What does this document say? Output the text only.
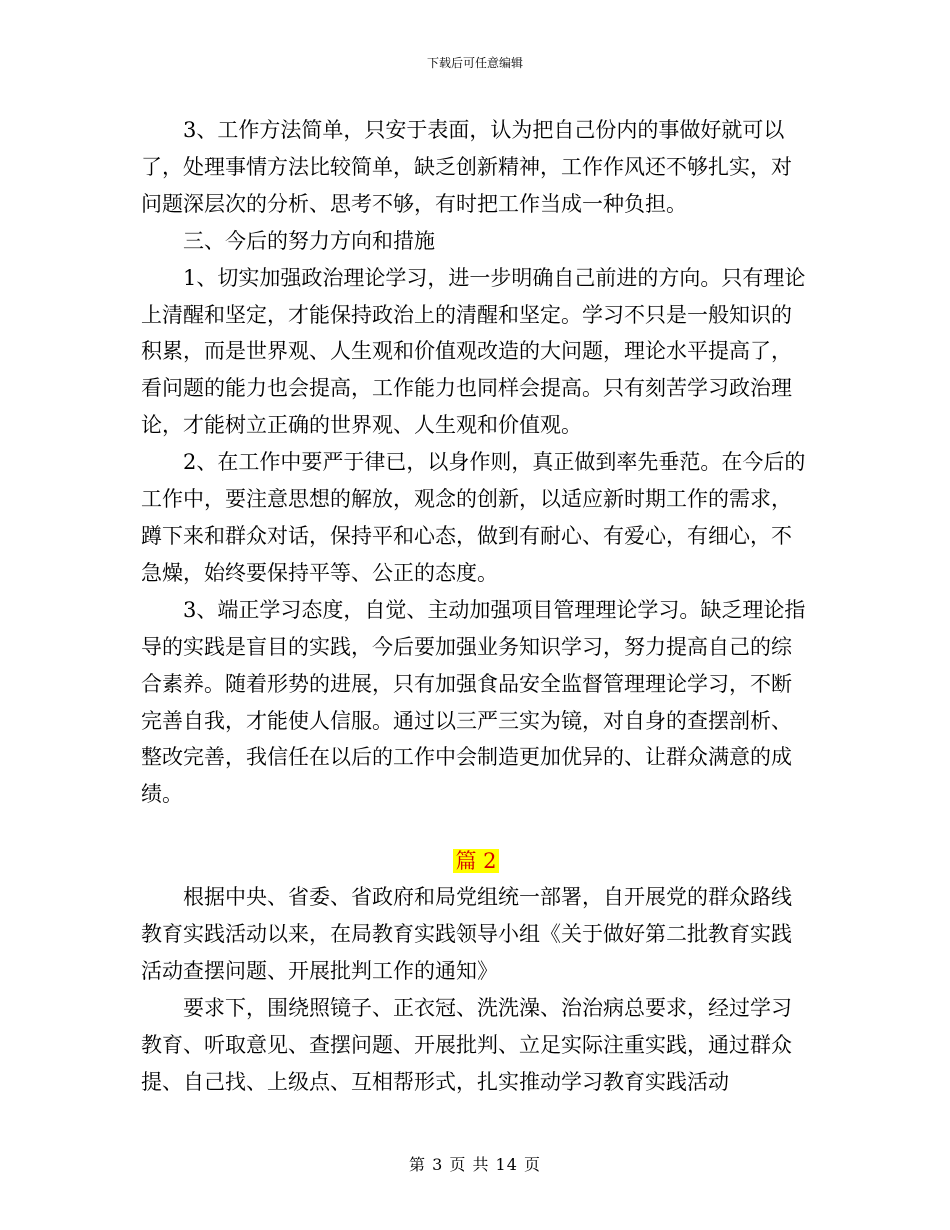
下载后可任意编辑

3、工作方法简单，只安于表面，认为把自己份内的事做好就可以了，处理事情方法比较简单，缺乏创新精神，工作作风还不够扎实，对问题深层次的分析、思考不够，有时把工作当成一种负担。

三、今后的努力方向和措施

1、切实加强政治理论学习，进一步明确自己前进的方向。只有理论上清醒和坚定，才能保持政治上的清醒和坚定。学习不只是一般知识的积累，而是世界观、人生观和价值观改造的大问题，理论水平提高了，看问题的能力也会提高，工作能力也同样会提高。只有刻苦学习政治理论，才能树立正确的世界观、人生观和价值观。

2、在工作中要严于律已，以身作则，真正做到率先垂范。在今后的工作中，要注意思想的解放，观念的创新，以适应新时期工作的需求，蹲下来和群众对话，保持平和心态，做到有耐心、有爱心，有细心，不急燥，始终要保持平等、公正的态度。

3、端正学习态度，自觉、主动加强项目管理理论学习。缺乏理论指导的实践是盲目的实践，今后要加强业务知识学习，努力提高自己的综合素养。随着形势的进展，只有加强食品安全监督管理理论学习，不断完善自我，才能使人信服。通过以三严三实为镜，对自身的查摆剖析、整改完善，我信任在以后的工作中会制造更加优异的、让群众满意的成绩。

篇 2

根据中央、省委、省政府和局党组统一部署，自开展党的群众路线教育实践活动以来，在局教育实践领导小组《关于做好第二批教育实践活动查摆问题、开展批判工作的通知》

要求下，围绕照镜子、正衣冠、洗洗澡、治治病总要求，经过学习教育、听取意见、查摆问题、开展批判、立足实际注重实践，通过群众提、自己找、上级点、互相帮形式，扎实推动学习教育实践活动

第 3 页 共 14 页
